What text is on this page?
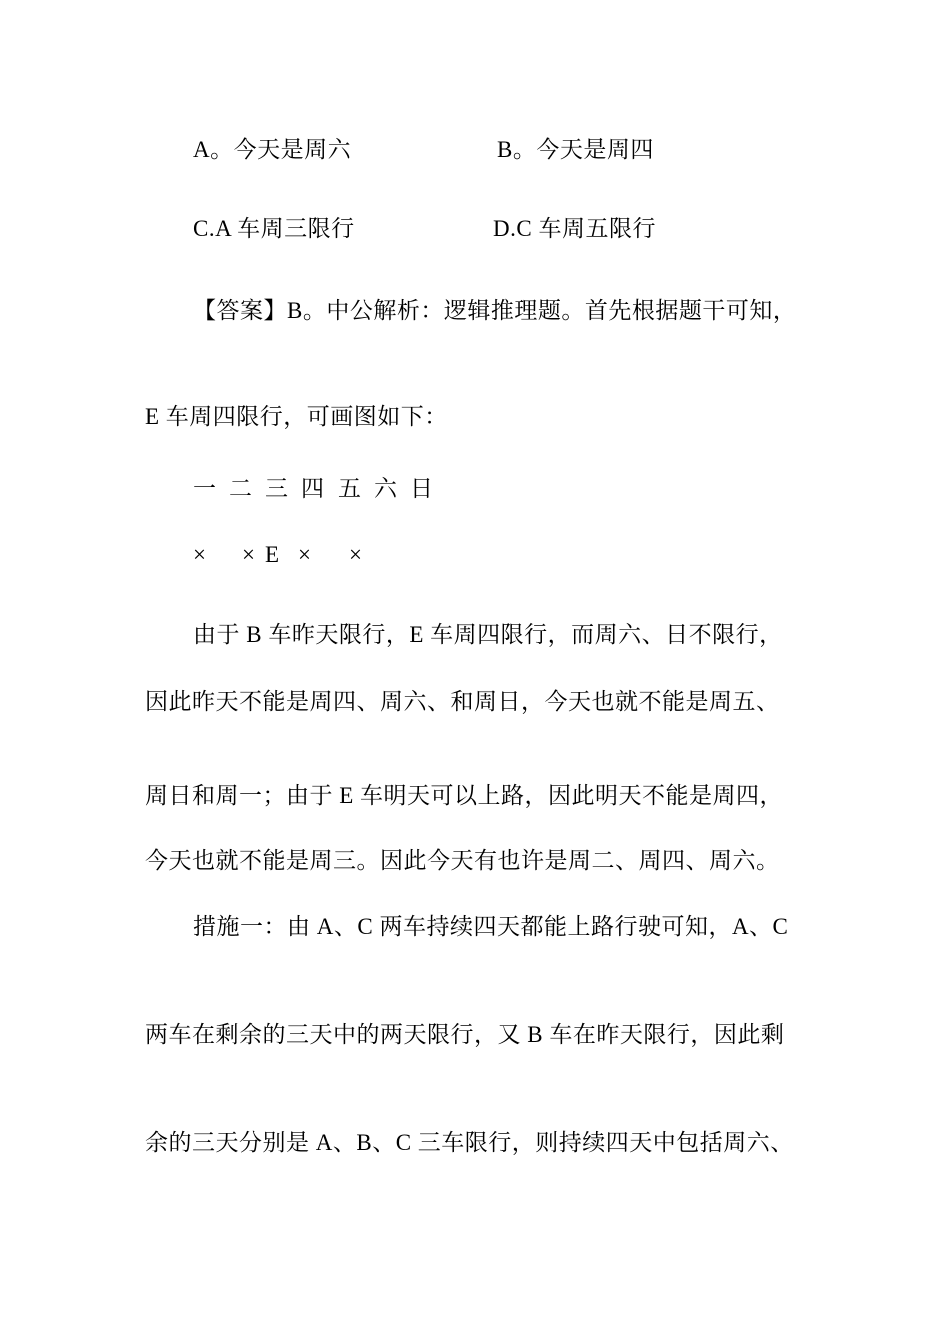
A。今天是周六	B。今天是周四
C.A 车周三限行	D.C 车周五限行
【答案】B。中公解析：逻辑推理题。首先根据题干可知，
E 车周四限行，可画图如下：
一 二 三 四 五 六 日
× × E × ×
由于 B 车昨天限行，E 车周四限行，而周六、日不限行，
因此昨天不能是周四、周六、和周日，今天也就不能是周五、
周日和周一；由于 E 车明天可以上路，因此明天不能是周四，
今天也就不能是周三。因此今天有也许是周二、周四、周六。
措施一：由 A、C 两车持续四天都能上路行驶可知，A、C
两车在剩余的三天中的两天限行，又 B 车在昨天限行，因此剩
余的三天分别是 A、B、C 三车限行，则持续四天中包括周六、
